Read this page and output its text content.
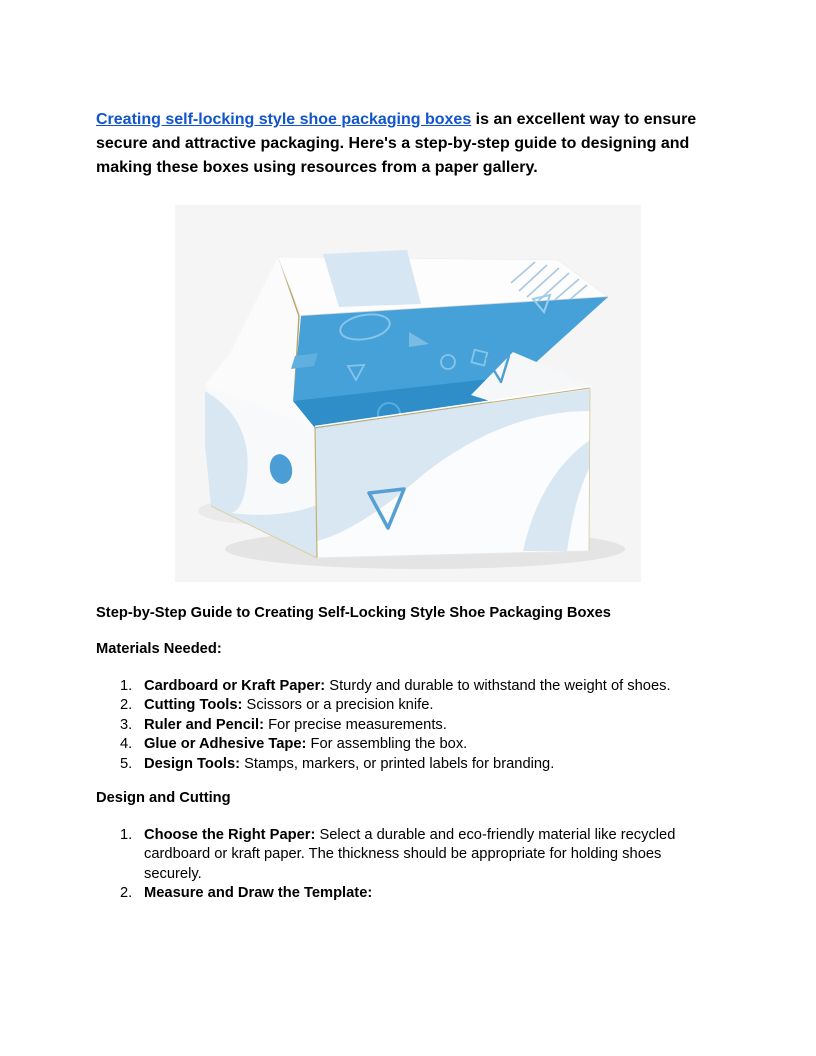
Creating self-locking style shoe packaging boxes is an excellent way to ensure secure and attractive packaging. Here's a step-by-step guide to designing and making these boxes using resources from a paper gallery.

Step-by-Step Guide to Creating Self-Locking Style Shoe Packaging Boxes
Materials Needed:
1. Cardboard or Kraft Paper: Sturdy and durable to withstand the weight of shoes.
2. Cutting Tools: Scissors or a precision knife.
3. Ruler and Pencil: For precise measurements.
4. Glue or Adhesive Tape: For assembling the box.
5. Design Tools: Stamps, markers, or printed labels for branding.
Design and Cutting
1. Choose the Right Paper: Select a durable and eco-friendly material like recycled cardboard or kraft paper. The thickness should be appropriate for holding shoes securely.
2. Measure and Draw the Template:
